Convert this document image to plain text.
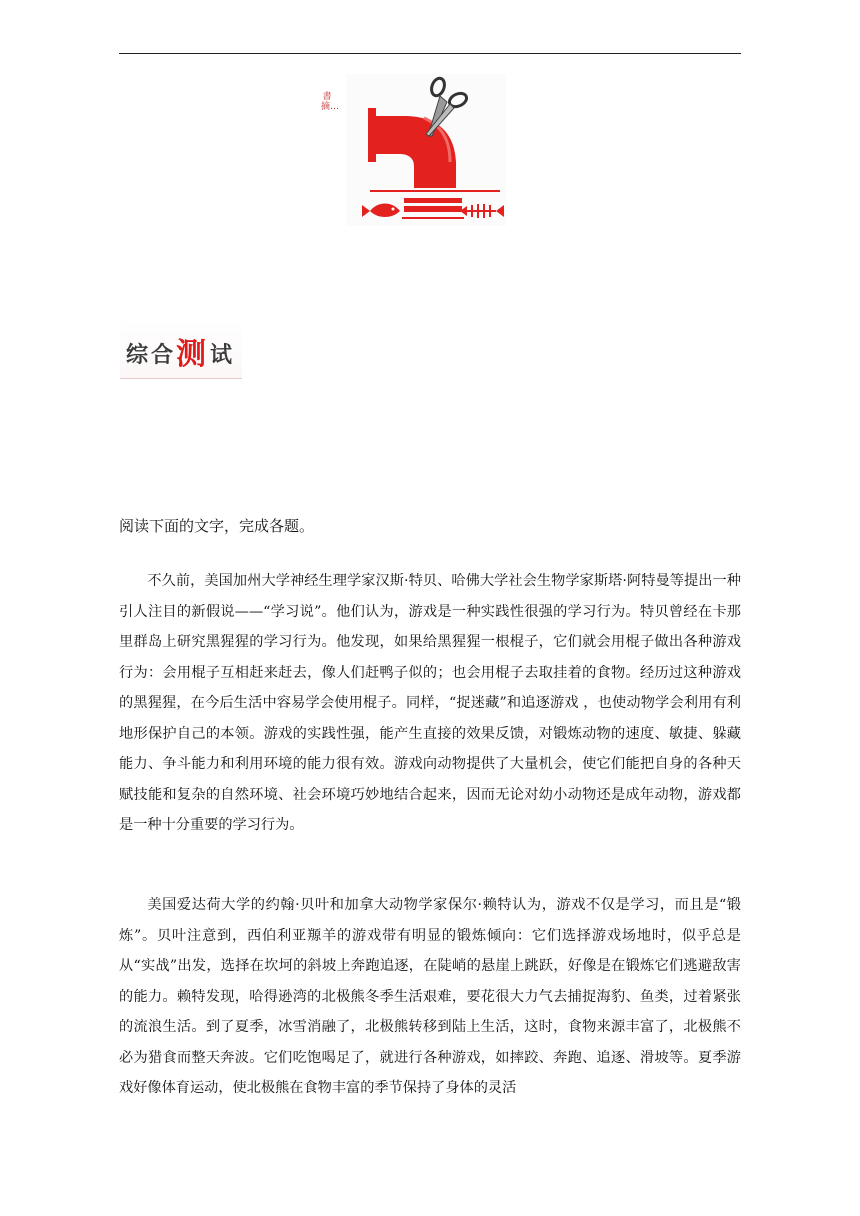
書摘…
综 合 测 试

阅读下面的文字，完成各题。

不久前，美国加州大学神经生理学家汉斯·特贝、哈佛大学社会生物学家斯塔·阿特曼等提出一种引人注目的新假说——“学习说”。他们认为，游戏是一种实践性很强的学习行为。特贝曾经在卡那里群岛上研究黑猩猩的学习行为。他发现，如果给黑猩猩一根棍子，它们就会用棍子做出各种游戏行为：会用棍子互相赶来赶去，像人们赶鸭子似的；也会用棍子去取挂着的食物。经历过这种游戏的黑猩猩，在今后生活中容易学会使用棍子。同样，“捉迷藏”和追逐游戏 ，也使动物学会利用有利地形保护自己的本领。游戏的实践性强，能产生直接的效果反馈，对锻炼动物的速度、敏捷、躲藏能力、争斗能力和利用环境的能力很有效。游戏向动物提供了大量机会，使它们能把自身的各种天赋技能和复杂的自然环境、社会环境巧妙地结合起来，因而无论对幼小动物还是成年动物，游戏都是一种十分重要的学习行为。

美国爱达荷大学的约翰·贝叶和加拿大动物学家保尔·赖特认为，游戏不仅是学习，而且是“锻炼”。贝叶注意到，西伯利亚羱羊的游戏带有明显的锻炼倾向：它们选择游戏场地时，似乎总是从“实战”出发，选择在坎坷的斜坡上奔跑追逐，在陡峭的悬崖上跳跃，好像是在锻炼它们逃避敌害的能力。赖特发现，哈得逊湾的北极熊冬季生活艰难，要花很大力气去捕捉海豹、鱼类，过着紧张的流浪生活。到了夏季，冰雪消融了，北极熊转移到陆上生活，这时，食物来源丰富了，北极熊不必为猎食而整天奔波。它们吃饱喝足了，就进行各种游戏，如摔跤、奔跑、追逐、滑坡等。夏季游戏好像体育运动，使北极熊在食物丰富的季节保持了身体的灵活
